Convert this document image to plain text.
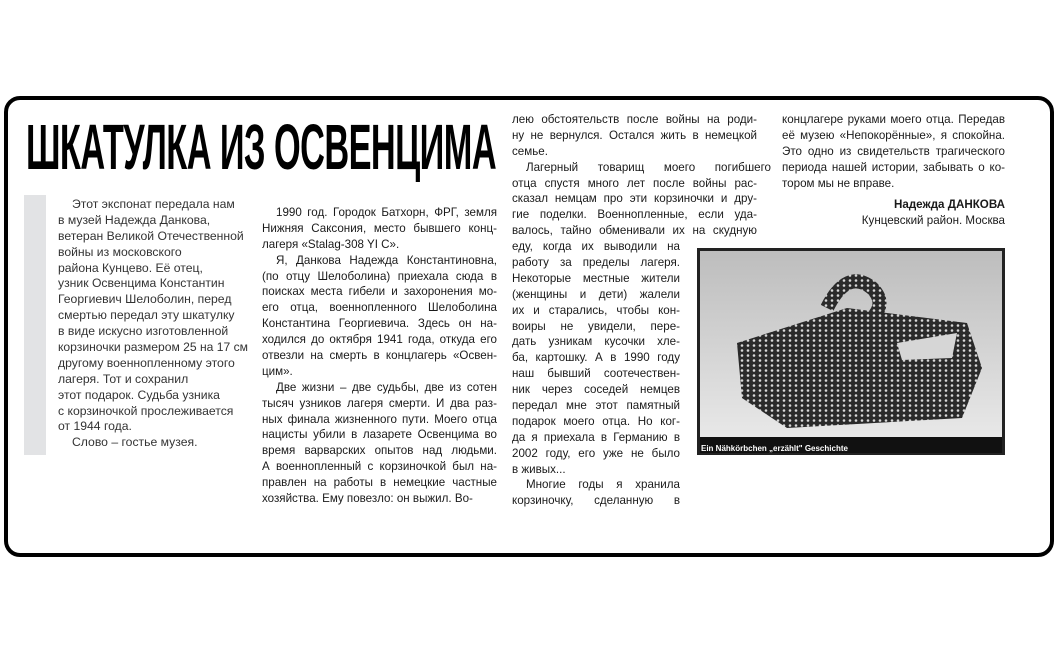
ШКАТУЛКА ИЗ ОСВЕНЦИМА
Этот экспонат передала нам
в музей Надежда Данкова,
ветеран Великой Отечественной
войны из московского
района Кунцево. Её отец,
узник Освенцима Константин
Георгиевич Шелоболин, перед
смертью передал эту шкатулку
в виде искусно изготовленной
корзиночки размером 25 на 17 см
другому военнопленному этого
лагеря. Тот и сохранил
этот подарок. Судьба узника
с корзиночкой прослеживается
от 1944 года.
Слово – гостье музея.
1990 год. Городок Батхорн, ФРГ, земля
Нижняя Саксония, место бывшего конц-
лагеря «Stalag-308 YI C».
Я, Данкова Надежда Константиновна,
(по отцу Шелоболина) приехала сюда в
поисках места гибели и захоронения мо-
его отца, военнопленного Шелоболина
Константина Георгиевича. Здесь он на-
ходился до октября 1941 года, откуда его
отвезли на смерть в концлагерь «Освен-
цим».
Две жизни – две судьбы, две из сотен
тысяч узников лагеря смерти. И два раз-
ных финала жизненного пути. Моего отца
нацисты убили в лазарете Освенцима во
время варварских опытов над людьми.
А военнопленный с корзиночкой был на-
правлен на работы в немецкие частные
хозяйства. Ему повезло: он выжил. Во-
лею обстоятельств после войны на роди-
ну не вернулся. Остался жить в немецкой
семье.
Лагерный товарищ моего погибшего
отца спустя много лет после войны рас-
сказал немцам про эти корзиночки и дру-
гие поделки. Военнопленные, если уда-
валось, тайно обменивали их на скудную
еду, когда их выводили на
работу за пределы лагеря.
Некоторые местные жители
(женщины и дети) жалели
их и старались, чтобы кон-
воиры не увидели, пере-
дать узникам кусочки хле-
ба, картошку. А в 1990 году
наш бывший соотечествен-
ник через соседей немцев
передал мне этот памятный
подарок моего отца. Но ког-
да я приехала в Германию в
2002 году, его уже не было
в живых...
Многие годы я хранила
корзиночку, сделанную в
концлагере руками моего отца. Передав
её музею «Непокорённые», я спокойна.
Это одно из свидетельств трагического
периода нашей истории, забывать о ко-
тором мы не вправе.
Надежда ДАНКОВА
Кунцевский район. Москва
Ein Nähkörbchen „erzählt" Geschichte
